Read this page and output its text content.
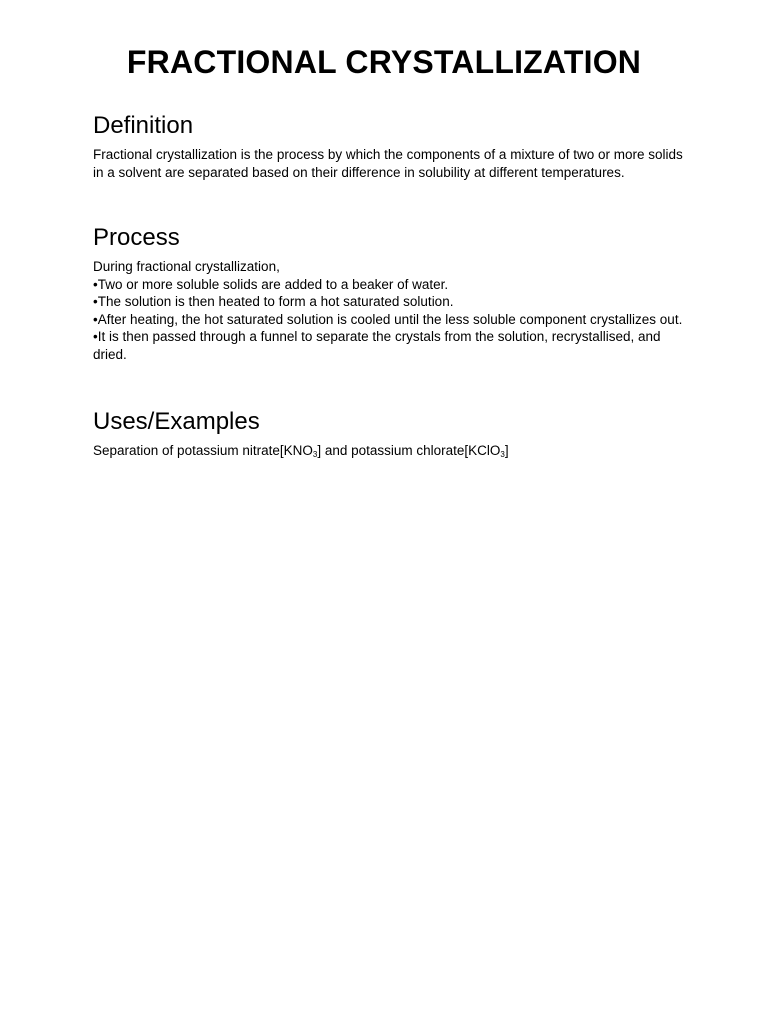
FRACTIONAL CRYSTALLIZATION
Definition

Fractional crystallization is the process by which the components of a mixture of two or more solids in a solvent are separated based on their difference in solubility at different temperatures.

Process

During fractional crystallization,

•Two or more soluble solids are added to a beaker of water.
•The solution is then heated to form a hot saturated solution.
•After heating, the hot saturated solution is cooled until the less soluble component crystallizes out.
•It is then passed through a funnel to separate the crystals from the solution, recrystallised, and dried.
Uses/Examples

Separation of potassium $nitrate[KNO_3]$ and potassium chlorate[KClO$_3$]
